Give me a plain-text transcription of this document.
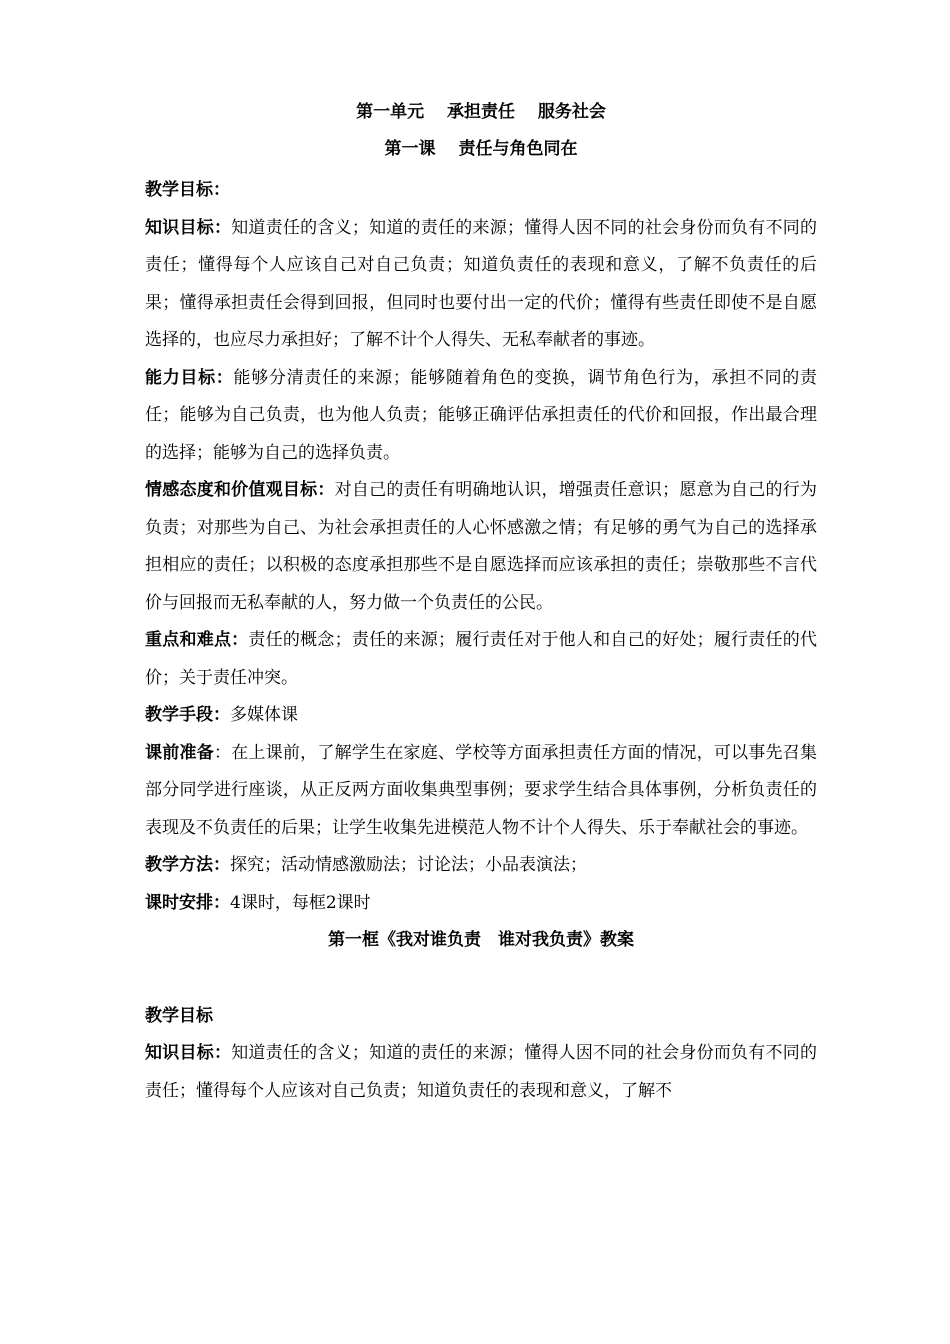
第一单元　 承担责任　 服务社会

第一课　 责任与角色同在

教学目标：

知识目标：知道责任的含义；知道的责任的来源；懂得人因不同的社会身份而负有不同的责任；懂得每个人应该自己对自己负责；知道负责任的表现和意义，了解不负责任的后果；懂得承担责任会得到回报，但同时也要付出一定的代价；懂得有些责任即使不是自愿选择的，也应尽力承担好；了解不计个人得失、无私奉献者的事迹。

能力目标：能够分清责任的来源；能够随着角色的变换，调节角色行为，承担不同的责任；能够为自己负责，也为他人负责；能够正确评估承担责任的代价和回报，作出最合理的选择；能够为自己的选择负责。

情感态度和价值观目标：对自己的责任有明确地认识，增强责任意识；愿意为自己的行为负责；对那些为自己、为社会承担责任的人心怀感激之情；有足够的勇气为自己的选择承担相应的责任；以积极的态度承担那些不是自愿选择而应该承担的责任；崇敬那些不言代价与回报而无私奉献的人，努力做一个负责任的公民。

重点和难点：责任的概念；责任的来源；履行责任对于他人和自己的好处；履行责任的代价；关于责任冲突。

教学手段：多媒体课

课前准备：在上课前，了解学生在家庭、学校等方面承担责任方面的情况，可以事先召集部分同学进行座谈，从正反两方面收集典型事例；要求学生结合具体事例，分析负责任的表现及不负责任的后果；让学生收集先进模范人物不计个人得失、乐于奉献社会的事迹。

教学方法：探究；活动情感激励法；讨论法；小品表演法；

课时安排：4课时，每框2课时

第一框《我对谁负责　谁对我负责》教案

教学目标

知识目标：知道责任的含义；知道的责任的来源；懂得人因不同的社会身份而负有不同的责任；懂得每个人应该对自己负责；知道负责任的表现和意义，了解不
